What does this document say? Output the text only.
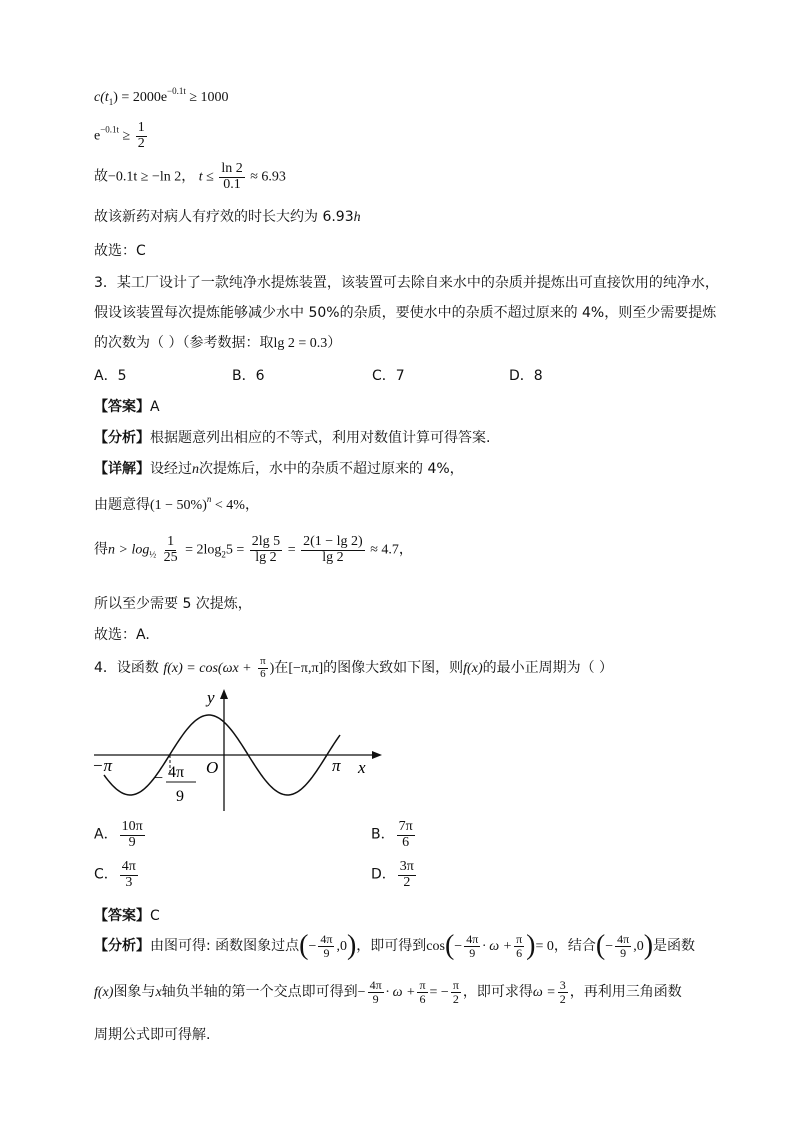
$c(t_1) = 2000e^{-0.1t} \ge 1000$
$e^{-0.1t} \ge \frac{1}{2}$
故−0.1t ≥ −ln 2， $t \le \frac{\ln 2}{0.1} \approx 6.93$
故该新药对病人有疗效的时长大约为 6.93h
故选：C
3．某工厂设计了一款纯净水提炼装置，该装置可去除自来水中的杂质并提炼出可直接饮用的纯净水，
假设该装置每次提炼能够减少水中 50%的杂质，要使水中的杂质不超过原来的 4%，则至少需要提炼
的次数为（ ）（参考数据：取lg 2 = 0.3）
A．5	B．6	C．7	D．8
【答案】A
【分析】根据题意列出相应的不等式，利用对数值计算可得答案.
【详解】设经过n次提炼后，水中的杂质不超过原来的 4%，
由题意得$(1 - 50\%)^n < 4\%$，
得$n > \log_{\frac{1}{2}} \frac{1}{25} = 2\log_25 = \frac{2\lg 5}{\lg 2} = \frac{2(1 - \lg 2)}{\lg 2} \approx 4.7$，
所以至少需要 5 次提炼，
故选：A.
4．设函数 $f(x) = \cos(\omega x + \frac{\pi}{6}$ )在[−π,π]的图像大致如下图，则f(x)的最小正周期为（ ）
y
x
O
−π	π
− 4π
9
A． $\frac{10\pi}{9}$	B． $\frac{7\pi}{6}$
C． $\frac{4\pi}{3}$	D． $\frac{3\pi}{2}$
【答案】C
【分析】由图可得: 函数图象过点(− $\frac{4\pi}{9} ,0$)，即可得到$\cos(- \frac{4\pi}{9} \cdot \omega + \frac{\pi}{6}$ )= 0，结合(− $\frac{4\pi}{9} ,0$)是函数
f(x)图象与x轴负半轴的第一个交点即可得到− $\frac{4\pi}{9} \cdot \omega + \frac{\pi}{6}$ = − $\frac{\pi}{2}$ ，即可求得$\omega = \frac{3}{2}$ ，再利用三角函数
周期公式即可得解.
